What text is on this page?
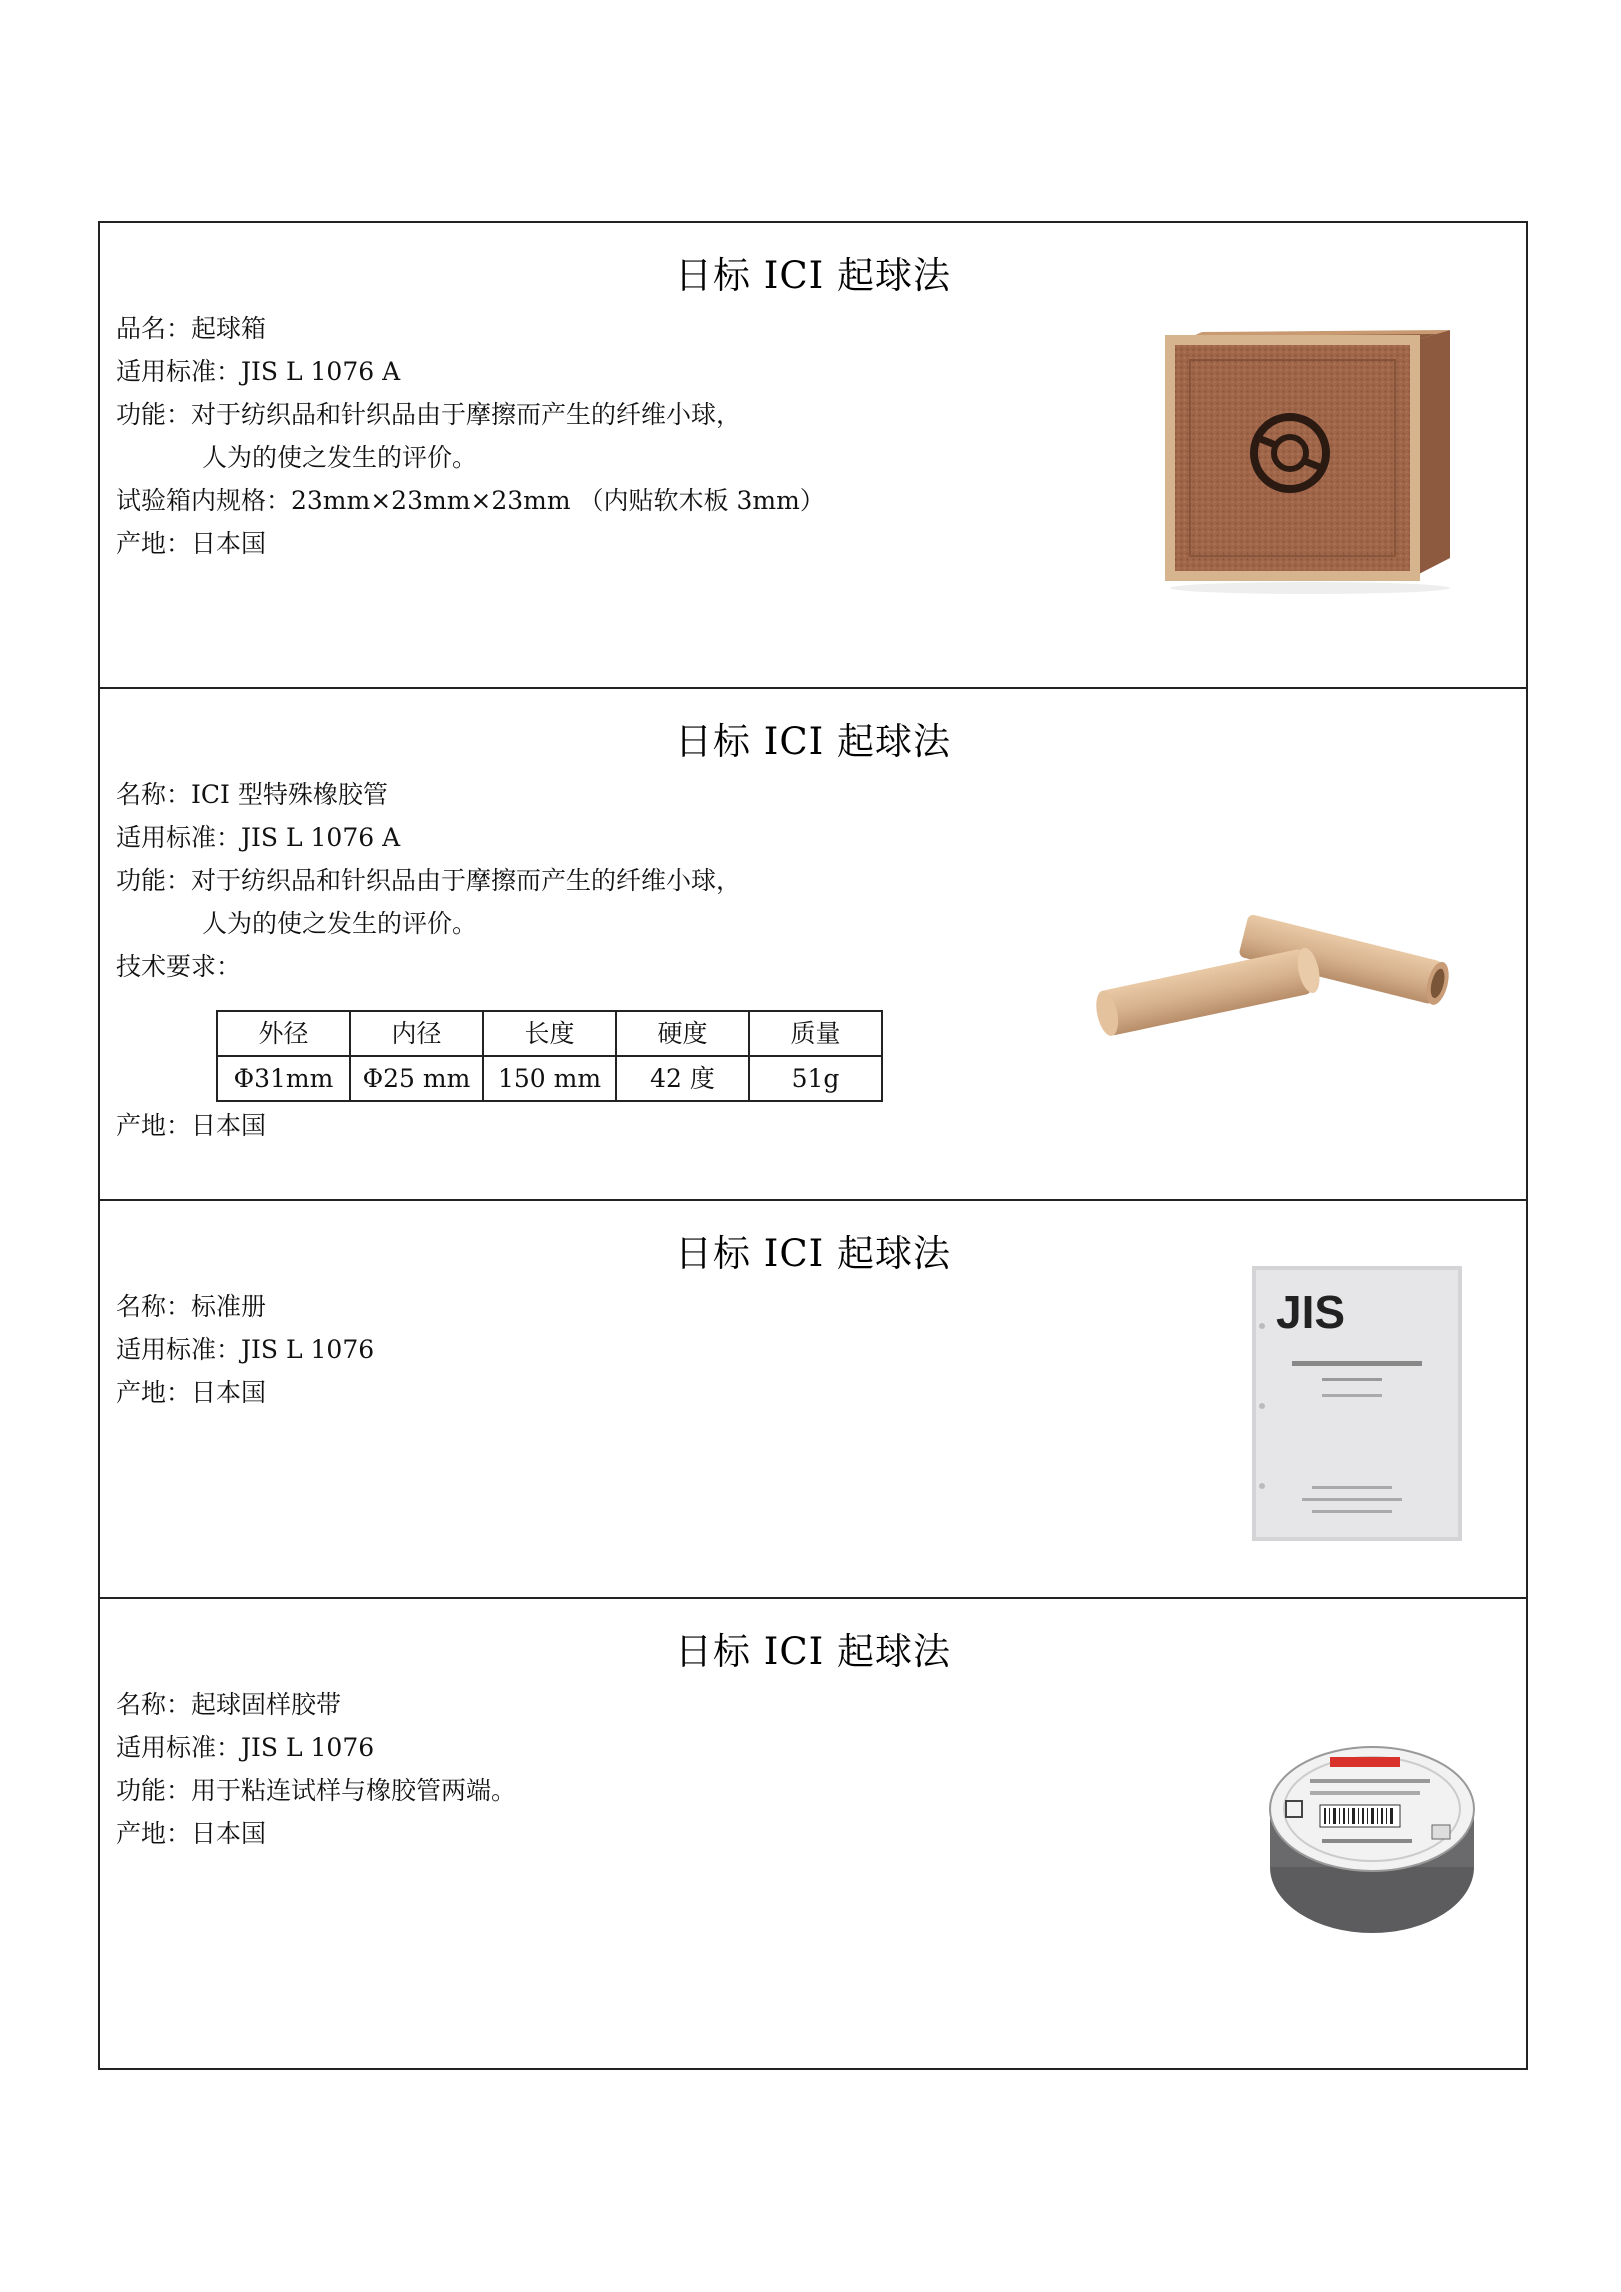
日标 ICI 起球法
品名：起球箱
适用标准：JIS L 1076 A
功能：对于纺织品和针织品由于摩擦而产生的纤维小球，
人为的使之发生的评价。
试验箱内规格：23mm×23mm×23mm （内贴软木板 3mm）
产地：日本国
日标 ICI 起球法
名称：ICI 型特殊橡胶管
适用标准：JIS L 1076 A
功能：对于纺织品和针织品由于摩擦而产生的纤维小球，
人为的使之发生的评价。
技术要求：
外径	内径	长度	硬度	质量
Φ31mm	Φ25 mm	150 mm	42 度	51g
产地：日本国
日标 ICI 起球法
名称：标准册
适用标准：JIS L 1076
产地：日本国
JIS
日标 ICI 起球法
名称：起球固样胶带
适用标准：JIS L 1076
功能：用于粘连试样与橡胶管两端。
产地：日本国
